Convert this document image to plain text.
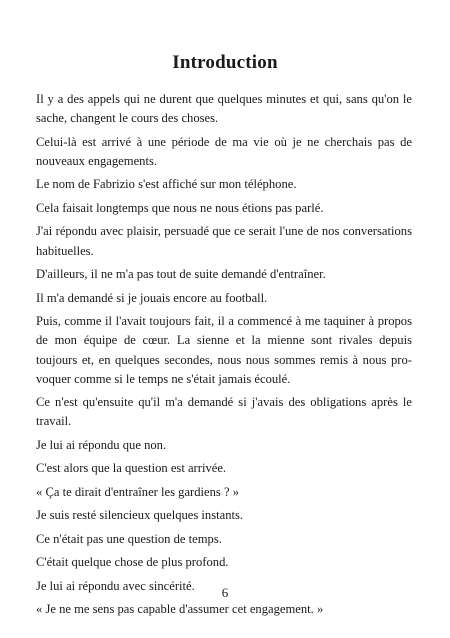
Introduction

Il y a des appels qui ne durent que quelques minutes et qui, sans qu'on le sache, changent le cours des choses.

Celui-là est arrivé à une période de ma vie où je ne cherchais pas de nouveaux engagements.

Le nom de Fabrizio s'est affiché sur mon téléphone.

Cela faisait longtemps que nous ne nous étions pas parlé.

J'ai répondu avec plaisir, persuadé que ce serait l'une de nos conversations habituelles.

D'ailleurs, il ne m'a pas tout de suite demandé d'entraîner.

Il m'a demandé si je jouais encore au football.

Puis, comme il l'avait toujours fait, il a commencé à me taquiner à propos de mon équipe de cœur. La sienne et la mienne sont rivales depuis toujours et, en quelques secondes, nous nous sommes remis à nous provoquer comme si le temps ne s'était jamais écoulé.

Ce n'est qu'ensuite qu'il m'a demandé si j'avais des obligations après le travail.

Je lui ai répondu que non.

C'est alors que la question est arrivée.

« Ça te dirait d'entraîner les gardiens ? »

Je suis resté silencieux quelques instants.

Ce n'était pas une question de temps.

C'était quelque chose de plus profond.

Je lui ai répondu avec sincérité.

« Je ne me sens pas capable d'assumer cet engagement. »

6
